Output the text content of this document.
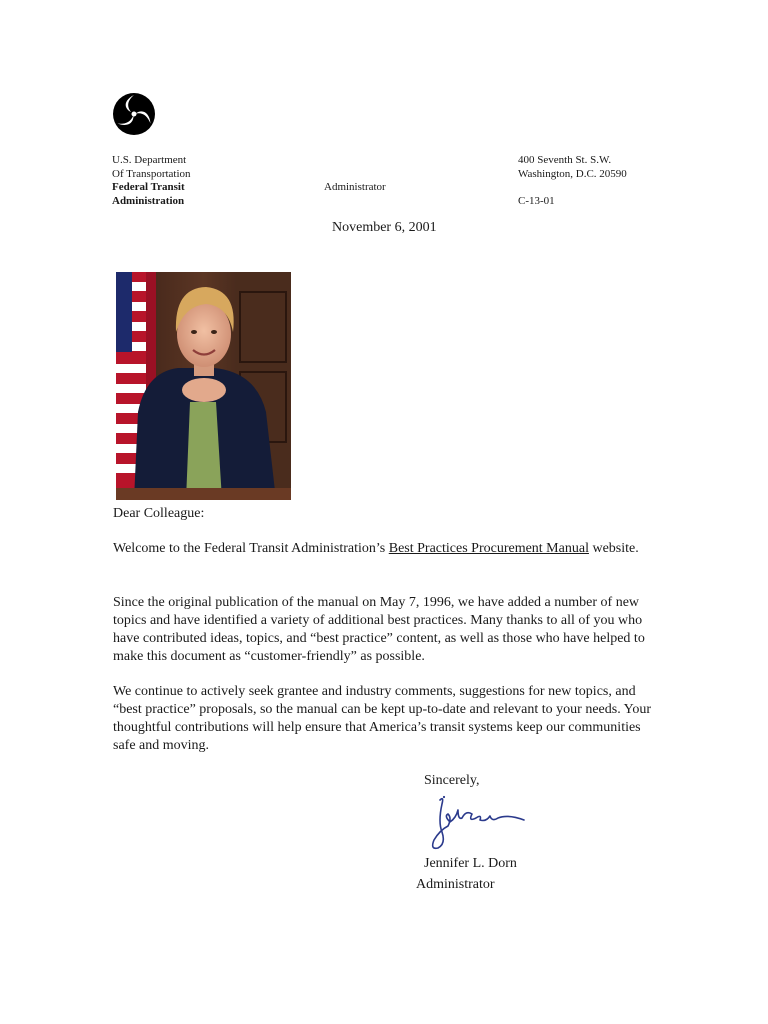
U.S. Department
Of Transportation
Federal Transit
Administration
Administrator
400 Seventh St. S.W.
Washington, D.C. 20590
C-13-01
November 6, 2001
Dear Colleague:
Welcome to the Federal Transit Administration’s Best Practices Procurement Manual website.
Since the original publication of the manual on May 7, 1996, we have added a number of new topics and have identified a variety of additional best practices. Many thanks to all of you who have contributed ideas, topics, and “best practice” content, as well as those who have helped to make this document as “customer-friendly” as possible.
We continue to actively seek grantee and industry comments, suggestions for new topics, and “best practice” proposals, so the manual can be kept up-to-date and relevant to your needs. Your thoughtful contributions will help ensure that America’s transit systems keep our communities safe and moving.
Sincerely,
Jennifer L. Dorn
Administrator
